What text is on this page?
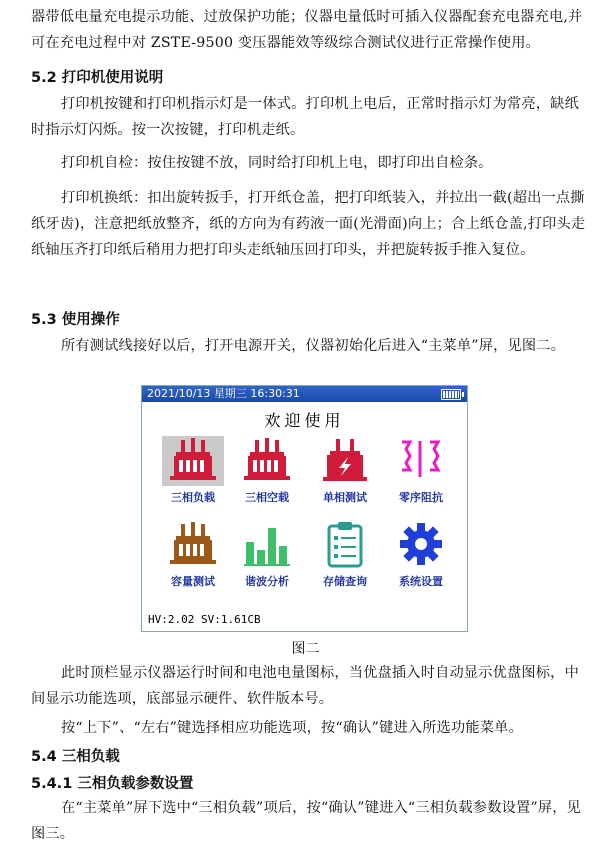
器带低电量充电提示功能、过放保护功能；仪器电量低时可插入仪器配套充电器充电,并可在充电过程中对 ZSTE-9500 变压器能效等级综合测试仪进行正常操作使用。
5.2 打印机使用说明
打印机按键和打印机指示灯是一体式。打印机上电后，正常时指示灯为常亮，缺纸时指示灯闪烁。按一次按键，打印机走纸。
打印机自检：按住按键不放，同时给打印机上电，即打印出自检条。
打印机换纸：扣出旋转扳手，打开纸仓盖，把打印纸装入，并拉出一截(超出一点撕纸牙齿)，注意把纸放整齐，纸的方向为有药液一面(光滑面)向上；合上纸仓盖,打印头走纸轴压齐打印纸后稍用力把打印头走纸轴压回打印头，并把旋转扳手推入复位。
5.3 使用操作
所有测试线接好以后，打开电源开关，仪器初始化后进入“主菜单”屏，见图二。
2021/10/13 星期三 16:30:31
欢迎使用
三相负载	三相空载	单相测试	零序阻抗
容量测试	谐波分析	存储查询	系统设置
HV:2.02 SV:1.61CB
图二
此时顶栏显示仪器运行时间和电池电量图标，当优盘插入时自动显示优盘图标，中间显示功能选项，底部显示硬件、软件版本号。
按“上下”、“左右”键选择相应功能选项，按“确认”键进入所选功能菜单。
5.4 三相负载
5.4.1 三相负载参数设置
在“主菜单”屏下选中“三相负载”项后，按“确认”键进入“三相负载参数设置”屏，见图三。
